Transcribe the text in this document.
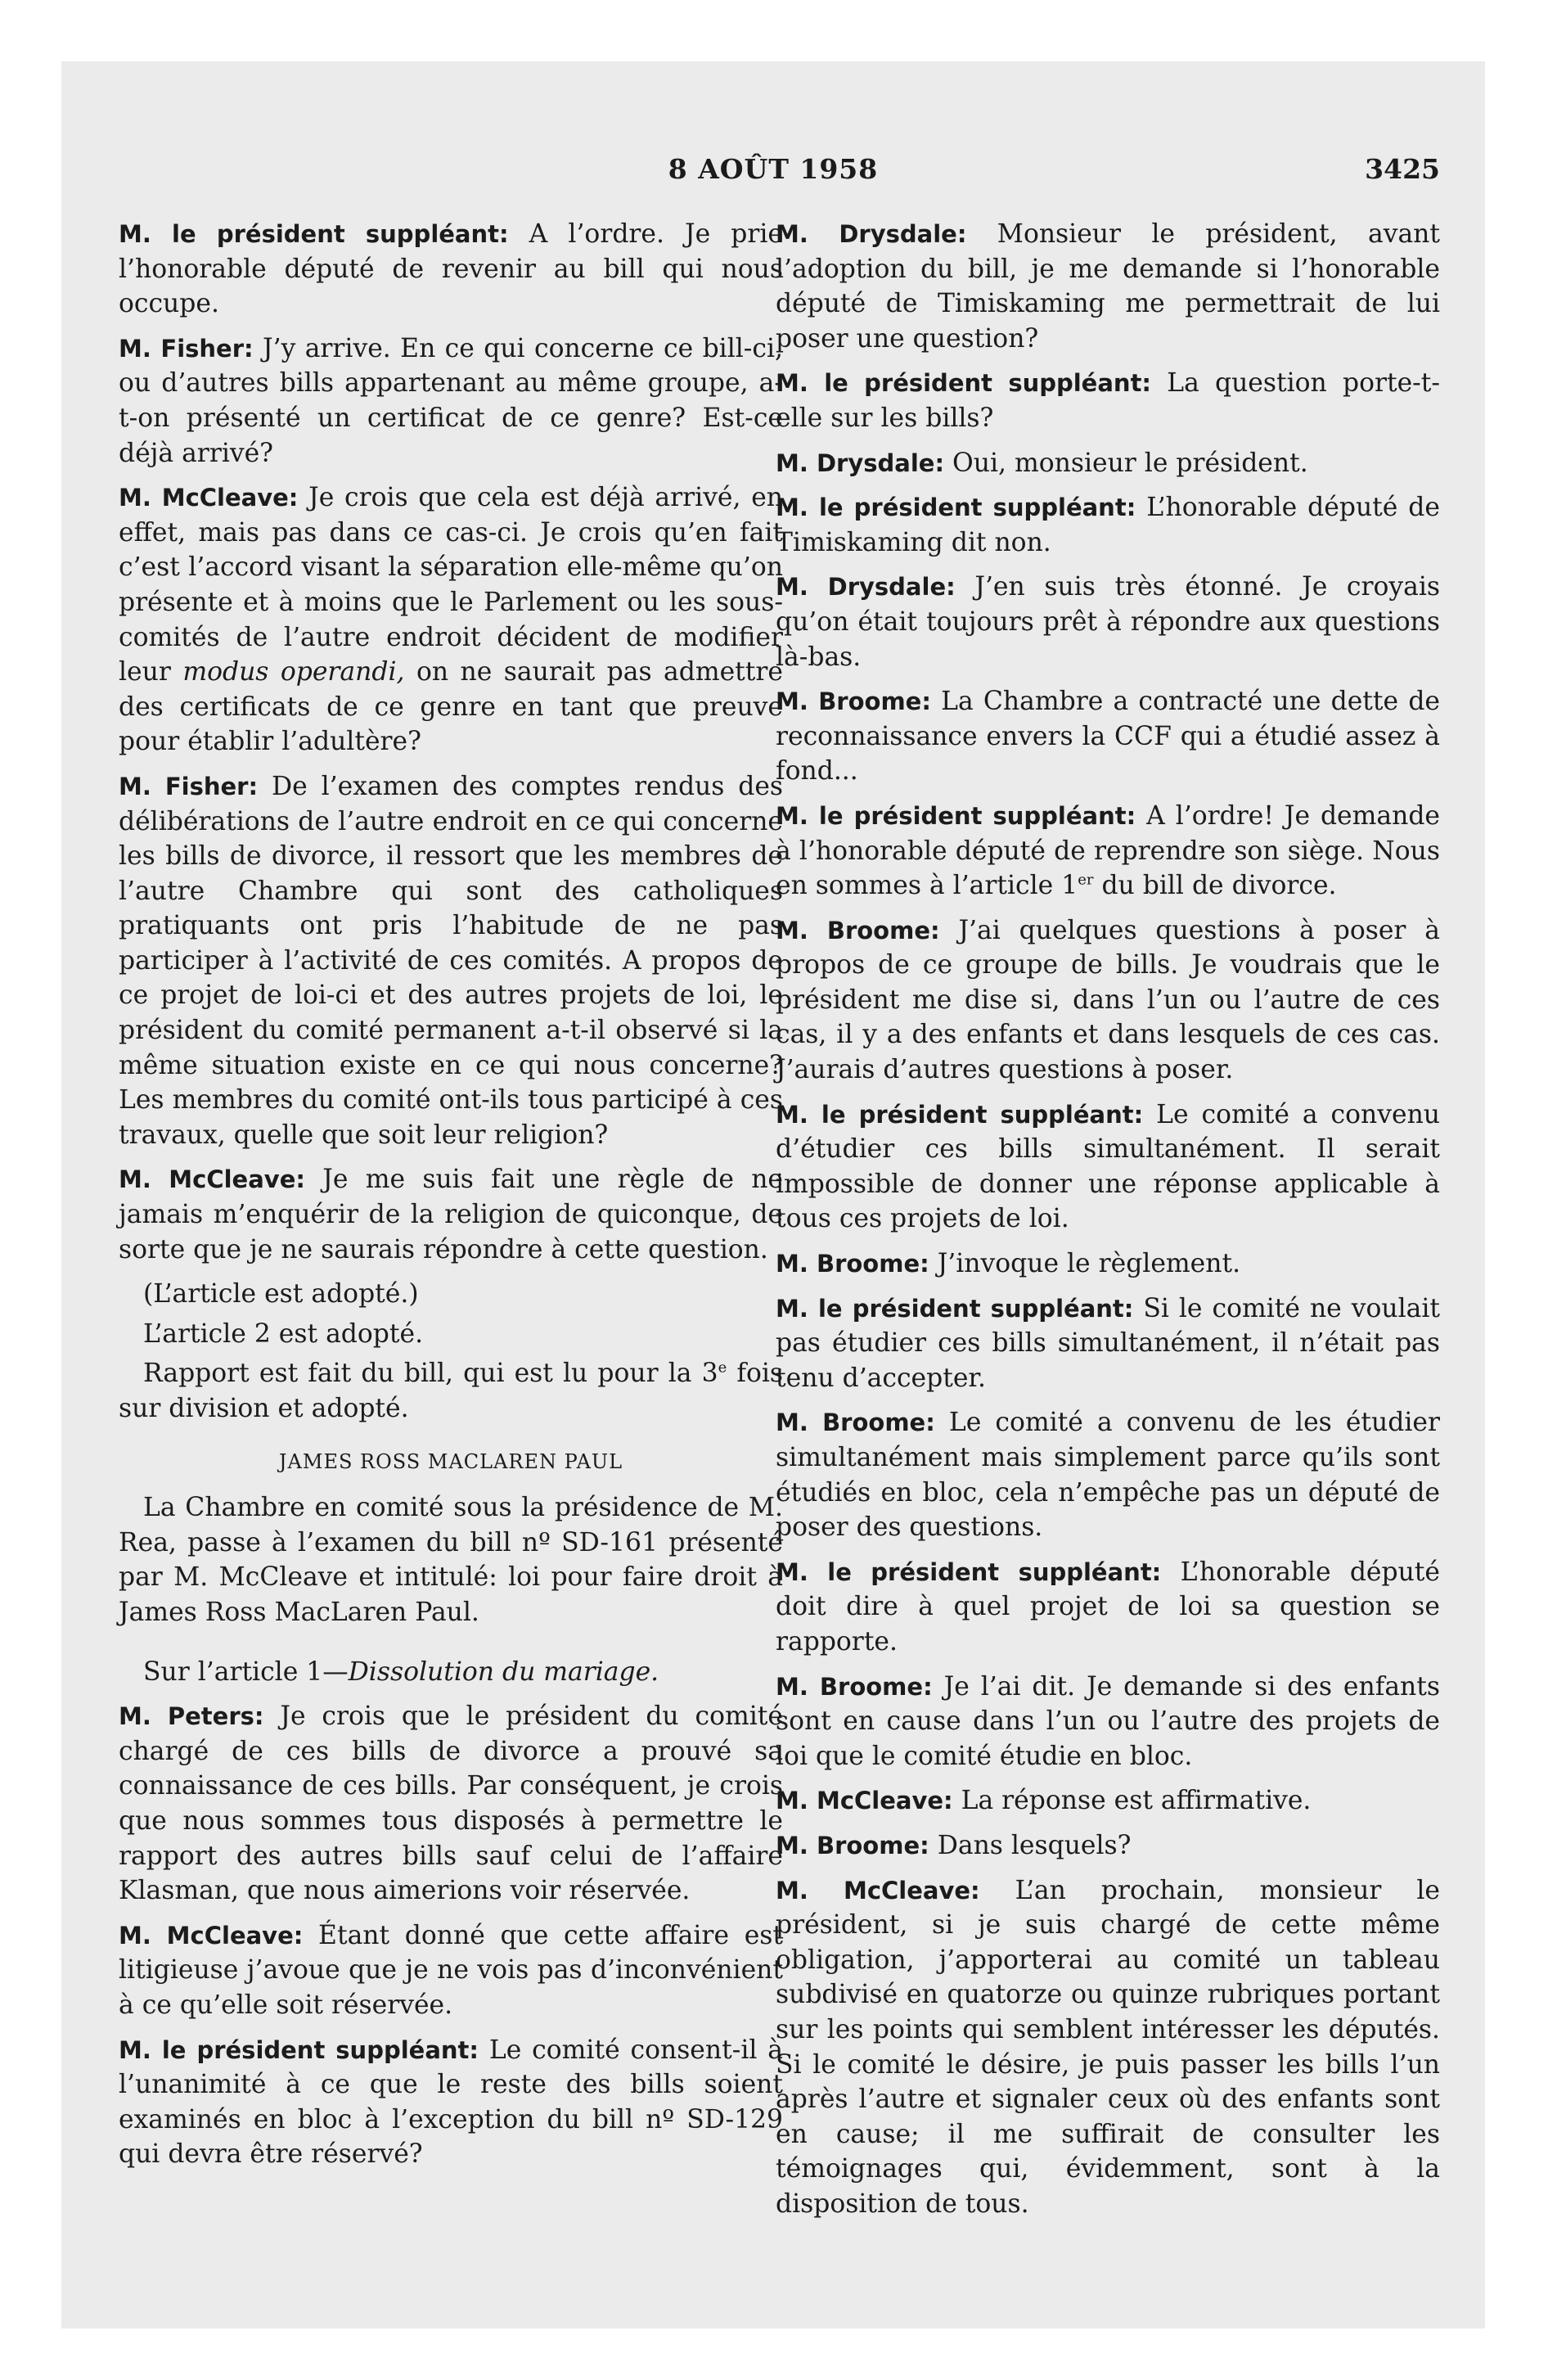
8 AOÛT 1958	3425

M. le président suppléant: A l’ordre. Je prie l’honorable député de revenir au bill qui nous occupe.

M. Fisher: J’y arrive. En ce qui concerne ce bill-ci, ou d’autres bills appartenant au même groupe, a-t-on présenté un certificat de ce genre? Est-ce déjà arrivé?

M. McCleave: Je crois que cela est déjà arrivé, en effet, mais pas dans ce cas-ci. Je crois qu’en fait c’est l’accord visant la séparation elle-même qu’on présente et à moins que le Parlement ou les sous-comités de l’autre endroit décident de modifier leur modus operandi, on ne saurait pas admettre des certificats de ce genre en tant que preuve pour établir l’adultère?

M. Fisher: De l’examen des comptes rendus des délibérations de l’autre endroit en ce qui concerne les bills de divorce, il ressort que les membres de l’autre Chambre qui sont des catholiques pratiquants ont pris l’habitude de ne pas participer à l’activité de ces comités. A propos de ce projet de loi-ci et des autres projets de loi, le président du comité permanent a-t-il observé si la même situation existe en ce qui nous concerne? Les membres du comité ont-ils tous participé à ces travaux, quelle que soit leur religion?

M. McCleave: Je me suis fait une règle de ne jamais m’enquérir de la religion de quiconque, de sorte que je ne saurais répondre à cette question.

(L’article est adopté.)

L’article 2 est adopté.

Rapport est fait du bill, qui est lu pour la 3e fois sur division et adopté.

JAMES ROSS MACLAREN PAUL

La Chambre en comité sous la présidence de M. Rea, passe à l’examen du bill nº SD-161 présenté par M. McCleave et intitulé: loi pour faire droit à James Ross MacLaren Paul.

Sur l’article 1—Dissolution du mariage.

M. Peters: Je crois que le président du comité chargé de ces bills de divorce a prouvé sa connaissance de ces bills. Par conséquent, je crois que nous sommes tous disposés à permettre le rapport des autres bills sauf celui de l’affaire Klasman, que nous aimerions voir réservée.

M. McCleave: Étant donné que cette affaire est litigieuse j’avoue que je ne vois pas d’inconvénient à ce qu’elle soit réservée.

M. le président suppléant: Le comité consent-il à l’unanimité à ce que le reste des bills soient examinés en bloc à l’exception du bill nº SD-129 qui devra être réservé?

M. Drysdale: Monsieur le président, avant l’adoption du bill, je me demande si l’honorable député de Timiskaming me permettrait de lui poser une question?

M. le président suppléant: La question porte-t-elle sur les bills?

M. Drysdale: Oui, monsieur le président.

M. le président suppléant: L’honorable député de Timiskaming dit non.

M. Drysdale: J’en suis très étonné. Je croyais qu’on était toujours prêt à répondre aux questions là-bas.

M. Broome: La Chambre a contracté une dette de reconnaissance envers la CCF qui a étudié assez à fond...

M. le président suppléant: A l’ordre! Je demande à l’honorable député de reprendre son siège. Nous en sommes à l’article 1er du bill de divorce.

M. Broome: J’ai quelques questions à poser à propos de ce groupe de bills. Je voudrais que le président me dise si, dans l’un ou l’autre de ces cas, il y a des enfants et dans lesquels de ces cas. J’aurais d’autres questions à poser.

M. le président suppléant: Le comité a convenu d’étudier ces bills simultanément. Il serait impossible de donner une réponse applicable à tous ces projets de loi.

M. Broome: J’invoque le règlement.

M. le président suppléant: Si le comité ne voulait pas étudier ces bills simultanément, il n’était pas tenu d’accepter.

M. Broome: Le comité a convenu de les étudier simultanément mais simplement parce qu’ils sont étudiés en bloc, cela n’empêche pas un député de poser des questions.

M. le président suppléant: L’honorable député doit dire à quel projet de loi sa question se rapporte.

M. Broome: Je l’ai dit. Je demande si des enfants sont en cause dans l’un ou l’autre des projets de loi que le comité étudie en bloc.

M. McCleave: La réponse est affirmative.

M. Broome: Dans lesquels?

M. McCleave: L’an prochain, monsieur le président, si je suis chargé de cette même obligation, j’apporterai au comité un tableau subdivisé en quatorze ou quinze rubriques portant sur les points qui semblent intéresser les députés. Si le comité le désire, je puis passer les bills l’un après l’autre et signaler ceux où des enfants sont en cause; il me suffirait de consulter les témoignages qui, évidemment, sont à la disposition de tous.
